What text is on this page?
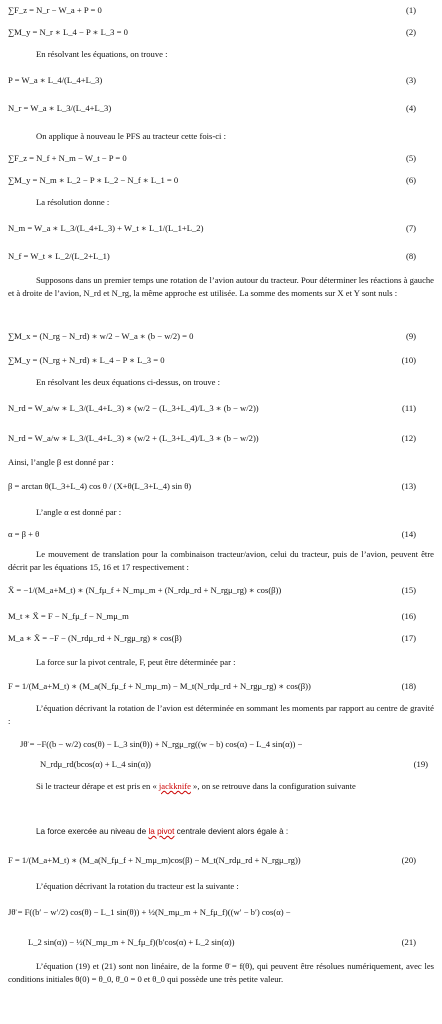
∑F_z = N_r − W_a + P = 0	(1)
∑M_y = N_r ∗ L_4 − P ∗ L_3 = 0	(2)
En résolvant les équations, on trouve :
P = W_a ∗ L_4/(L_4+L_3)	(3)
N_r = W_a ∗ L_3/(L_4+L_3)	(4)
On applique à nouveau le PFS au tracteur cette fois-ci :
∑F_z = N_f + N_m − W_t − P = 0	(5)
∑M_y = N_m ∗ L_2 − P ∗ L_2 − N_f ∗ L_1 = 0	(6)
La résolution donne :
N_m = W_a ∗ L_3/(L_4+L_3) + W_t ∗ L_1/(L_1+L_2)	(7)
N_f = W_t ∗ L_2/(L_2+L_1)	(8)
Supposons dans un premier temps une rotation de l’avion autour du tracteur. Pour déterminer les réactions à gauche et à droite de l’avion, N_rd et N_rg, la même approche est utilisée. La somme des moments sur X et Y sont nuls :
∑M_x = (N_rg − N_rd) ∗ w/2 − W_a ∗ (b − w/2) = 0	(9)
∑M_y = (N_rg + N_rd) ∗ L_4 − P ∗ L_3 = 0	(10)
En résolvant les deux équations ci-dessus, on trouve :
N_rd = W_a/w ∗ L_3/(L_4+L_3) ∗ (w/2 − (L_3+L_4)/L_3 ∗ (b − w/2))	(11)
N_rd = W_a/w ∗ L_3/(L_4+L_3) ∗ (w/2 + (L_3+L_4)/L_3 ∗ (b − w/2))	(12)
Ainsi, l’angle β est donné par :
β = arctan θ(L_3+L_4) cos θ / (X+θ(L_3+L_4) sin θ)	(13)
L’angle α est donné par :
α = β + θ	(14)
Le mouvement de translation pour la combinaison tracteur/avion, celui du tracteur, puis de l’avion, peuvent être décrit par les équations 15, 16 et 17 respectivement :
Ẍ = −1/(M_a+M_t) ∗ (N_fμ_f + N_mμ_m + (N_rdμ_rd + N_rgμ_rg) ∗ cos(β))	(15)
M_t ∗ Ẍ = F − N_fμ_f − N_mμ_m	(16)
M_a ∗ Ẍ = −F − (N_rdμ_rd + N_rgμ_rg) ∗ cos(β)	(17)
La force sur la pivot centrale, F, peut être déterminée par :
F = 1/(M_a+M_t) ∗ (M_a(N_fμ_f + N_mμ_m) − M_t(N_rdμ_rd + N_rgμ_rg) ∗ cos(β))	(18)
L’équation décrivant la rotation de l’avion est déterminée en sommant les moments par rapport au centre de gravité :
Jθ̈ = −F((b − w/2) cos(θ) − L_3 sin(θ)) + N_rgμ_rg((w − b) cos(α) − L_4 sin(α)) −
N_rdμ_rd(bcos(α) + L_4 sin(α))	(19)
Si le tracteur dérape et est pris en « jackknife », on se retrouve dans la configuration suivante
La force exercée au niveau de la pivot centrale devient alors égale à :
F = 1/(M_a+M_t) ∗ (M_a(N_fμ_f + N_mμ_m)cos(β) − M_t(N_rdμ_rd + N_rgμ_rg))	(20)
L’équation décrivant la rotation du tracteur est la suivante :
Jθ̈ = F((b′ − w′/2) cos(θ) − L_1 sin(θ)) + ½(N_mμ_m + N_fμ_f)((w′ − b′) cos(α) −
L_2 sin(α)) − ½(N_mμ_m + N_fμ_f)(b′cos(α) + L_2 sin(α))	(21)
L’équation (19) et (21) sont non linéaire, de la forme θ̈ = f(θ), qui peuvent être résolues numériquement, avec les conditions initiales θ(0) = θ_0, θ̇_0 = 0 et θ_0 qui possède une très petite valeur.
